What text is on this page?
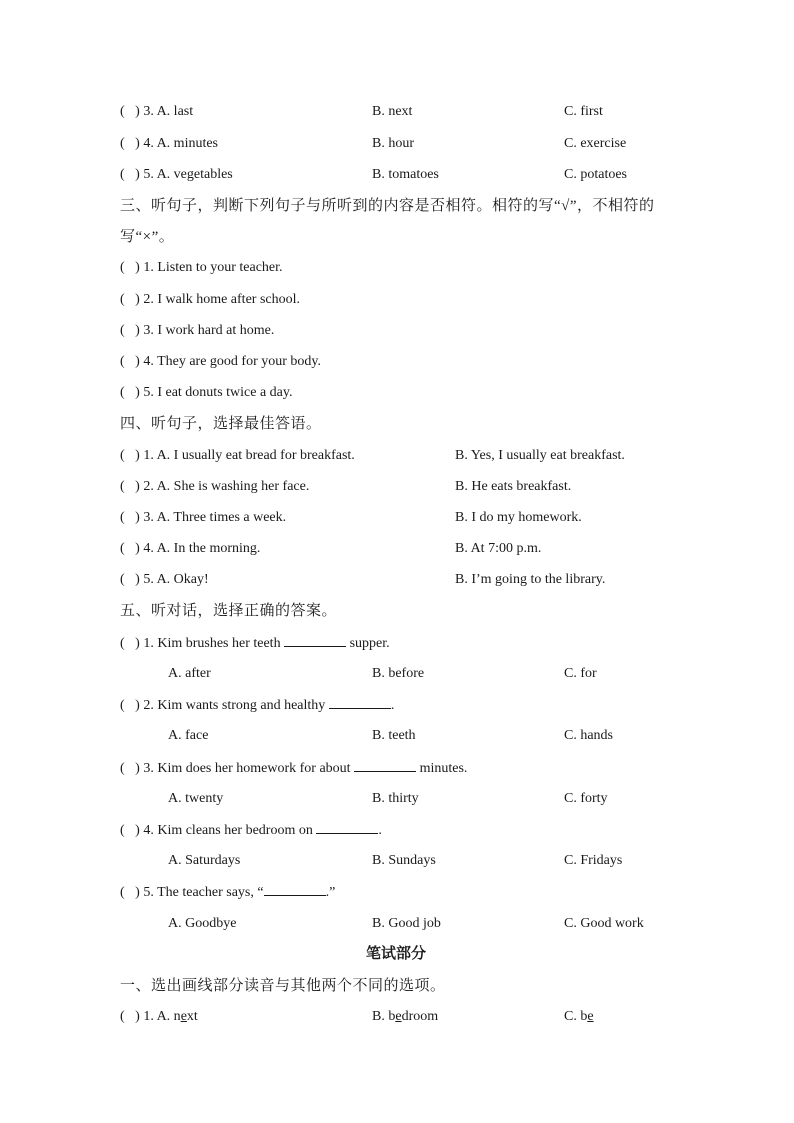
(   ) 3. A. last	B. next	C. first
(   ) 4. A. minutes	B. hour	C. exercise
(   ) 5. A. vegetables	B. tomatoes	C. potatoes
三、听句子，判断下列句子与所听到的内容是否相符。相符的写“√”，不相符的
写“×”。
(   ) 1. Listen to your teacher.
(   ) 2. I walk home after school.
(   ) 3. I work hard at home.
(   ) 4. They are good for your body.
(   ) 5. I eat donuts twice a day.
四、听句子，选择最佳答语。
(   ) 1. A. I usually eat bread for breakfast.	B. Yes, I usually eat breakfast.
(   ) 2. A. She is washing her face.	B. He eats breakfast.
(   ) 3. A. Three times a week.	B. I do my homework.
(   ) 4. A. In the morning.	B. At 7:00 p.m.
(   ) 5. A. Okay!	B. I’m going to the library.
五、听对话，选择正确的答案。
(   ) 1. Kim brushes her teeth	supper.
A. after	B. before	C. for
(   ) 2. Kim wants strong and healthy	.
A. face	B. teeth	C. hands
(   ) 3. Kim does her homework for about	minutes.
A. twenty	B. thirty	C. forty
(   ) 4. Kim cleans her bedroom on	.
A. Saturdays	B. Sundays	C. Fridays
(   ) 5. The teacher says, “	.”
A. Goodbye	B. Good job	C. Good work
笔试部分
一、选出画线部分读音与其他两个不同的选项。
(   ) 1. A. next	B. bedroom	C. be
